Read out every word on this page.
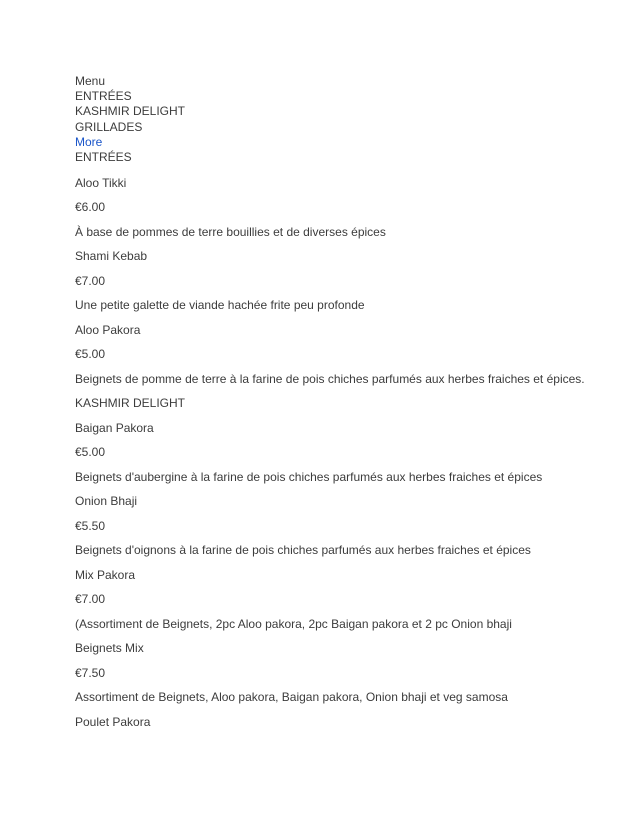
Menu
ENTRÉES
KASHMIR DELIGHT
GRILLADES
More
ENTRÉES
Aloo Tikki
€6.00
À base de pommes de terre bouillies et de diverses épices
Shami Kebab
€7.00
Une petite galette de viande hachée frite peu profonde
Aloo Pakora
€5.00
Beignets de pomme de terre à la farine de pois chiches parfumés aux herbes fraiches et épices.
KASHMIR DELIGHT
Baigan Pakora
€5.00
Beignets d'aubergine à la farine de pois chiches parfumés aux herbes fraiches et épices
Onion Bhaji
€5.50
Beignets d'oignons à la farine de pois chiches parfumés aux herbes fraiches et épices
Mix Pakora
€7.00
(Assortiment de Beignets, 2pc Aloo pakora, 2pc Baigan pakora et 2 pc Onion bhaji
Beignets Mix
€7.50
Assortiment de Beignets, Aloo pakora, Baigan pakora, Onion bhaji et veg samosa
Poulet Pakora
